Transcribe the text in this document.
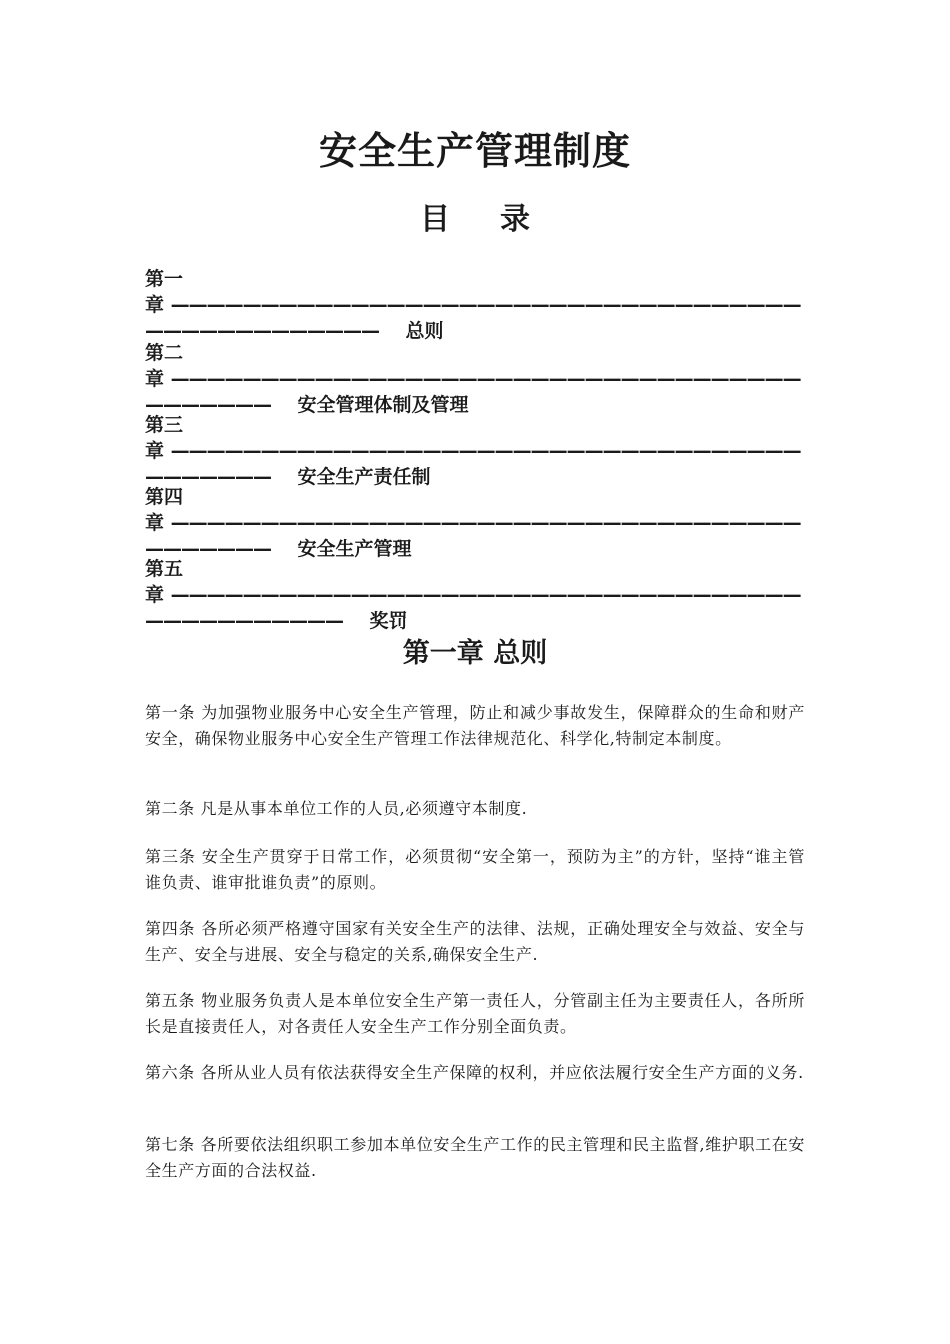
安全生产管理制度
目 录

第一章 ———————————————————————————————————————————————— 总则

第二章 —————————————————————————————————————————— 安全管理体制及管理

第三章 —————————————————————————————————————————— 安全生产责任制

第四章 —————————————————————————————————————————— 安全生产管理

第五章 —————————————————————————————————————————————— 奖罚

第一章 总则

第一条 为加强物业服务中心安全生产管理，防止和减少事故发生，保障群众的生命和财产安全，确保物业服务中心安全生产管理工作法律规范化、科学化,特制定本制度。

第二条 凡是从事本单位工作的人员,必须遵守本制度.

第三条 安全生产贯穿于日常工作，必须贯彻“安全第一，预防为主”的方针，坚持“谁主管谁负责、谁审批谁负责”的原则。

第四条 各所必须严格遵守国家有关安全生产的法律、法规，正确处理安全与效益、安全与生产、安全与进展、安全与稳定的关系,确保安全生产.

第五条 物业服务负责人是本单位安全生产第一责任人，分管副主任为主要责任人，各所所长是直接责任人，对各责任人安全生产工作分别全面负责。

第六条 各所从业人员有依法获得安全生产保障的权利，并应依法履行安全生产方面的义务.

第七条 各所要依法组织职工参加本单位安全生产工作的民主管理和民主监督,维护职工在安全生产方面的合法权益.
